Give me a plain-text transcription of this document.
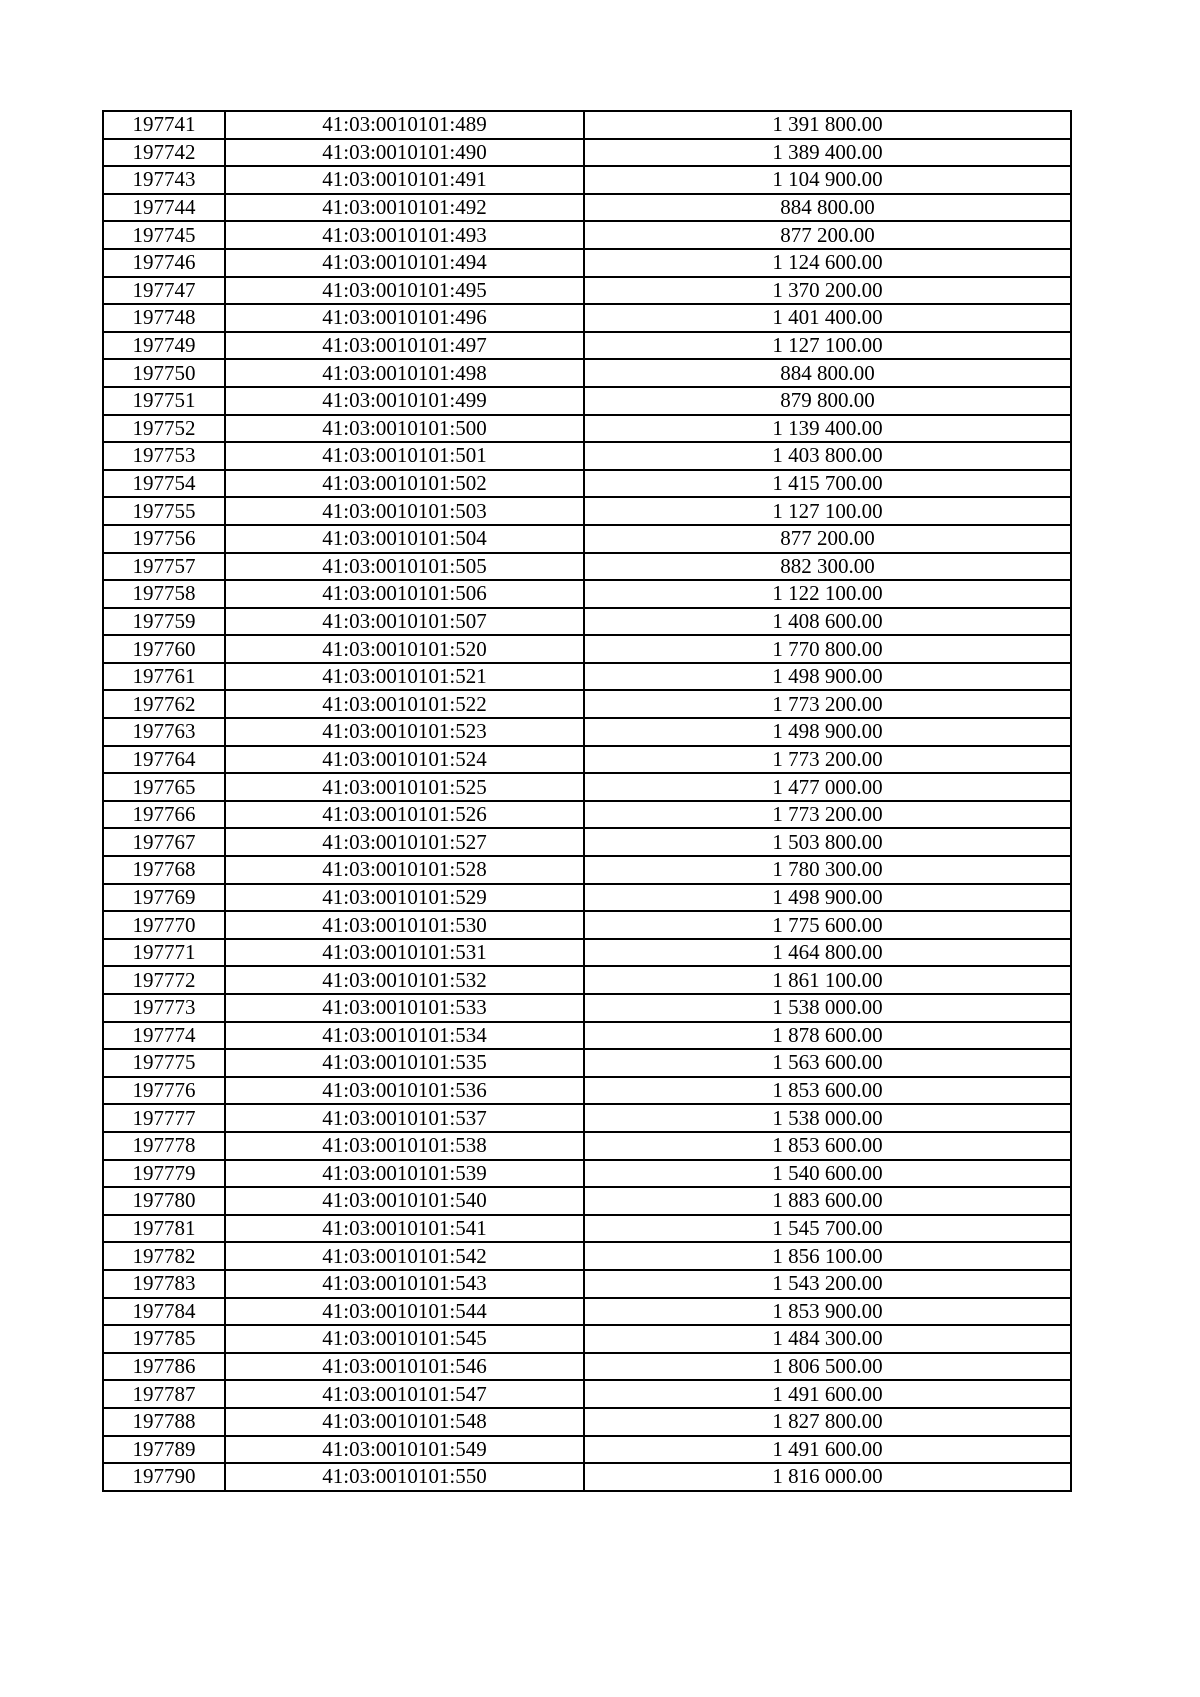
197741	41:03:0010101:489	1 391 800.00
197742	41:03:0010101:490	1 389 400.00
197743	41:03:0010101:491	1 104 900.00
197744	41:03:0010101:492	884 800.00
197745	41:03:0010101:493	877 200.00
197746	41:03:0010101:494	1 124 600.00
197747	41:03:0010101:495	1 370 200.00
197748	41:03:0010101:496	1 401 400.00
197749	41:03:0010101:497	1 127 100.00
197750	41:03:0010101:498	884 800.00
197751	41:03:0010101:499	879 800.00
197752	41:03:0010101:500	1 139 400.00
197753	41:03:0010101:501	1 403 800.00
197754	41:03:0010101:502	1 415 700.00
197755	41:03:0010101:503	1 127 100.00
197756	41:03:0010101:504	877 200.00
197757	41:03:0010101:505	882 300.00
197758	41:03:0010101:506	1 122 100.00
197759	41:03:0010101:507	1 408 600.00
197760	41:03:0010101:520	1 770 800.00
197761	41:03:0010101:521	1 498 900.00
197762	41:03:0010101:522	1 773 200.00
197763	41:03:0010101:523	1 498 900.00
197764	41:03:0010101:524	1 773 200.00
197765	41:03:0010101:525	1 477 000.00
197766	41:03:0010101:526	1 773 200.00
197767	41:03:0010101:527	1 503 800.00
197768	41:03:0010101:528	1 780 300.00
197769	41:03:0010101:529	1 498 900.00
197770	41:03:0010101:530	1 775 600.00
197771	41:03:0010101:531	1 464 800.00
197772	41:03:0010101:532	1 861 100.00
197773	41:03:0010101:533	1 538 000.00
197774	41:03:0010101:534	1 878 600.00
197775	41:03:0010101:535	1 563 600.00
197776	41:03:0010101:536	1 853 600.00
197777	41:03:0010101:537	1 538 000.00
197778	41:03:0010101:538	1 853 600.00
197779	41:03:0010101:539	1 540 600.00
197780	41:03:0010101:540	1 883 600.00
197781	41:03:0010101:541	1 545 700.00
197782	41:03:0010101:542	1 856 100.00
197783	41:03:0010101:543	1 543 200.00
197784	41:03:0010101:544	1 853 900.00
197785	41:03:0010101:545	1 484 300.00
197786	41:03:0010101:546	1 806 500.00
197787	41:03:0010101:547	1 491 600.00
197788	41:03:0010101:548	1 827 800.00
197789	41:03:0010101:549	1 491 600.00
197790	41:03:0010101:550	1 816 000.00
